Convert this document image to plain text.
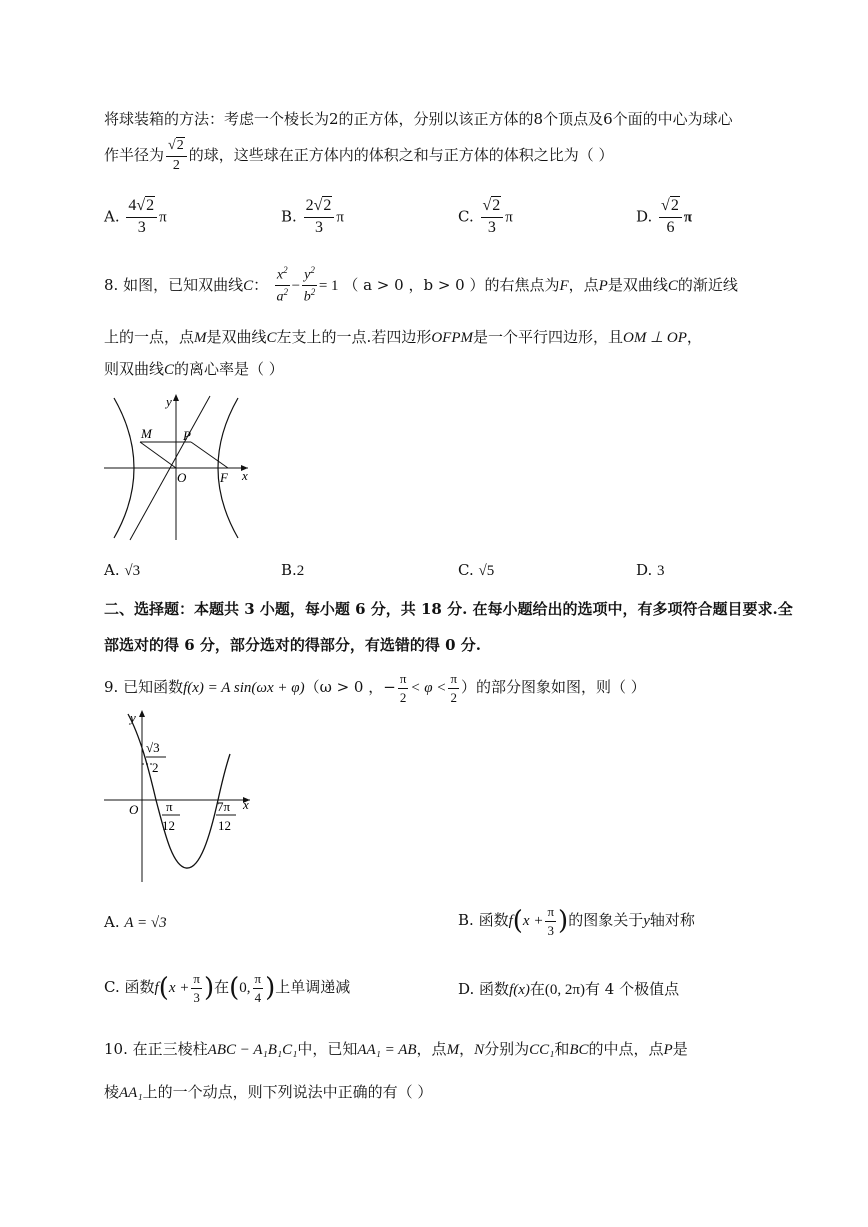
将球装箱的方法：考虑一个棱长为2的正方体，分别以该正方体的8个顶点及6个面的中心为球心
作半径为 $\frac{√2}{2}$ 的球，这些球在正方体内的体积之和与正方体的体积之比为（ ）
A. $\frac{4√2}{3}$ π	B. $\frac{2√2}{3}$ π	C. $\frac{√2}{3}$ π	D. $\frac{√2}{6}$ π
8. 如图，已知双曲线C： $\frac{x^2}{a^2} - \frac{y^2}{b^2} = 1$ （ a > 0 ，b > 0 ）的右焦点为F，点P是双曲线C的渐近线
上的一点，点M是双曲线C左支上的一点.若四边形OFPM是一个平行四边形，且OM ⊥ OP，
则双曲线C的离心率是（ ）
y
x
M P
O	F
A. √3	B.2	C. √5	D. 3
二、选择题：本题共 3 小题，每小题 6 分，共 18 分. 在每小题给出的选项中，有多项符合题目要求.全
部选对的得 6 分，部分选对的得部分，有选错的得 0 分.
9. 已知函数f(x) = A sin(ωx + φ)（ω > 0 ，− $\frac{\pi}{2} < \varphi < \frac{\pi}{2}$ ）的部分图象如图，则（ ）
y
x
O
√3
2
π
12
7π
12
A. A = √3	B. 函数$f(x + \frac{\pi}{3}$ )的图象关于y轴对称
C. 函数$f(x + \frac{\pi}{3}$ )在(0, $\frac{\pi}{4}$ )上单调递减	D. 函数f(x)在(0, 2π)有 4 个极值点
10. 在正三棱柱ABC − A₁B₁C₁中，已知AA₁ = AB，点M，N分别为CC₁和BC的中点，点P是
棱AA₁上的一个动点，则下列说法中正确的有（ ）
